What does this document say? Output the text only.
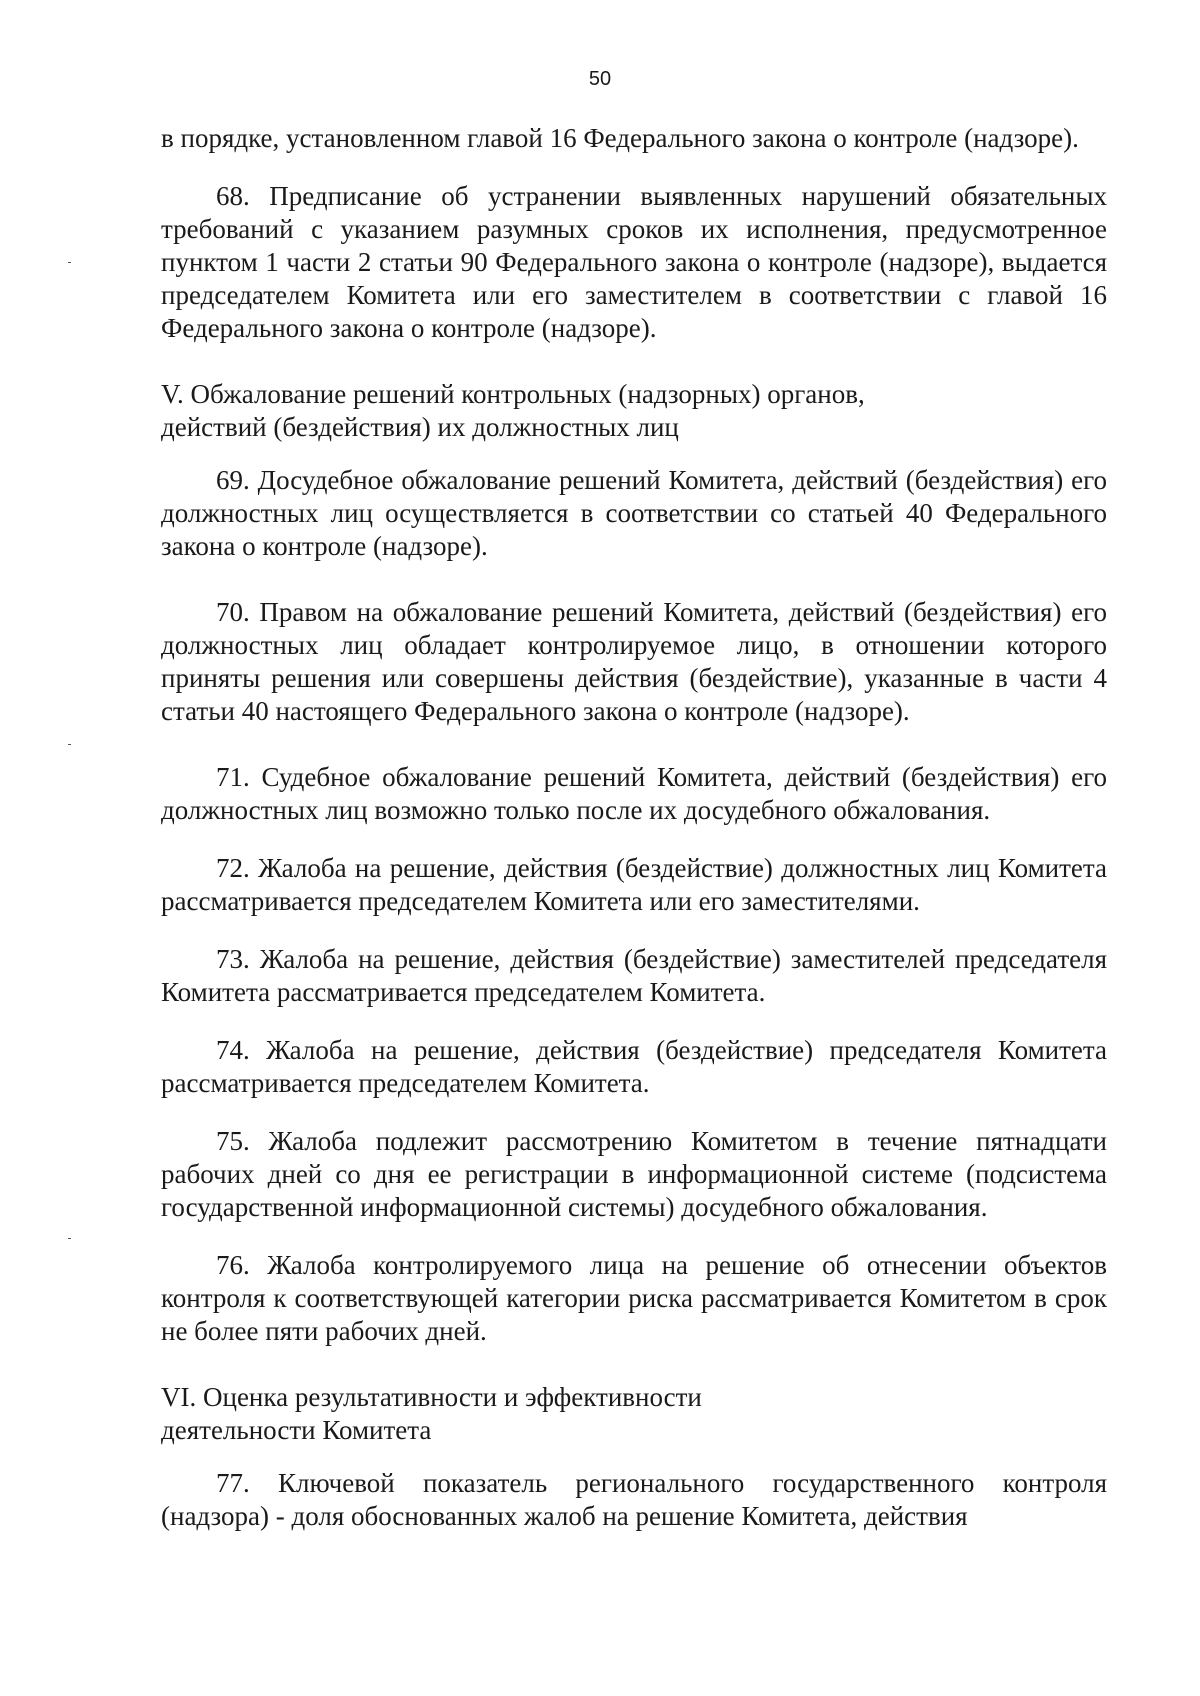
50

в порядке, установленном главой 16 Федерального закона о контроле (надзоре).

68. Предписание об устранении выявленных нарушений обязательных требований с указанием разумных сроков их исполнения, предусмотренное пунктом 1 части 2 статьи 90 Федерального закона о контроле (надзоре), выдается председателем Комитета или его заместителем в соответствии с главой 16 Федерального закона о контроле (надзоре).

V. Обжалование решений контрольных (надзорных) органов,

действий (бездействия) их должностных лиц

69. Досудебное обжалование решений Комитета, действий (бездействия) его должностных лиц осуществляется в соответствии со статьей 40 Федерального закона о контроле (надзоре).

70. Правом на обжалование решений Комитета, действий (бездействия) его должностных лиц обладает контролируемое лицо, в отношении которого приняты решения или совершены действия (бездействие), указанные в части 4 статьи 40 настоящего Федерального закона о контроле (надзоре).

71. Судебное обжалование решений Комитета, действий (бездействия) его должностных лиц возможно только после их досудебного обжалования.

72. Жалоба на решение, действия (бездействие) должностных лиц Комитета рассматривается председателем Комитета или его заместителями.

73. Жалоба на решение, действия (бездействие) заместителей председателя Комитета рассматривается председателем Комитета.

74. Жалоба на решение, действия (бездействие) председателя Комитета рассматривается председателем Комитета.

75. Жалоба подлежит рассмотрению Комитетом в течение пятнадцати рабочих дней со дня ее регистрации в информационной системе (подсистема государственной информационной системы) досудебного обжалования.

76. Жалоба контролируемого лица на решение об отнесении объектов контроля к соответствующей категории риска рассматривается Комитетом в срок не более пяти рабочих дней.

VI. Оценка результативности и эффективности

деятельности Комитета

77. Ключевой показатель регионального государственного контроля (надзора) - доля обоснованных жалоб на решение Комитета, действия
